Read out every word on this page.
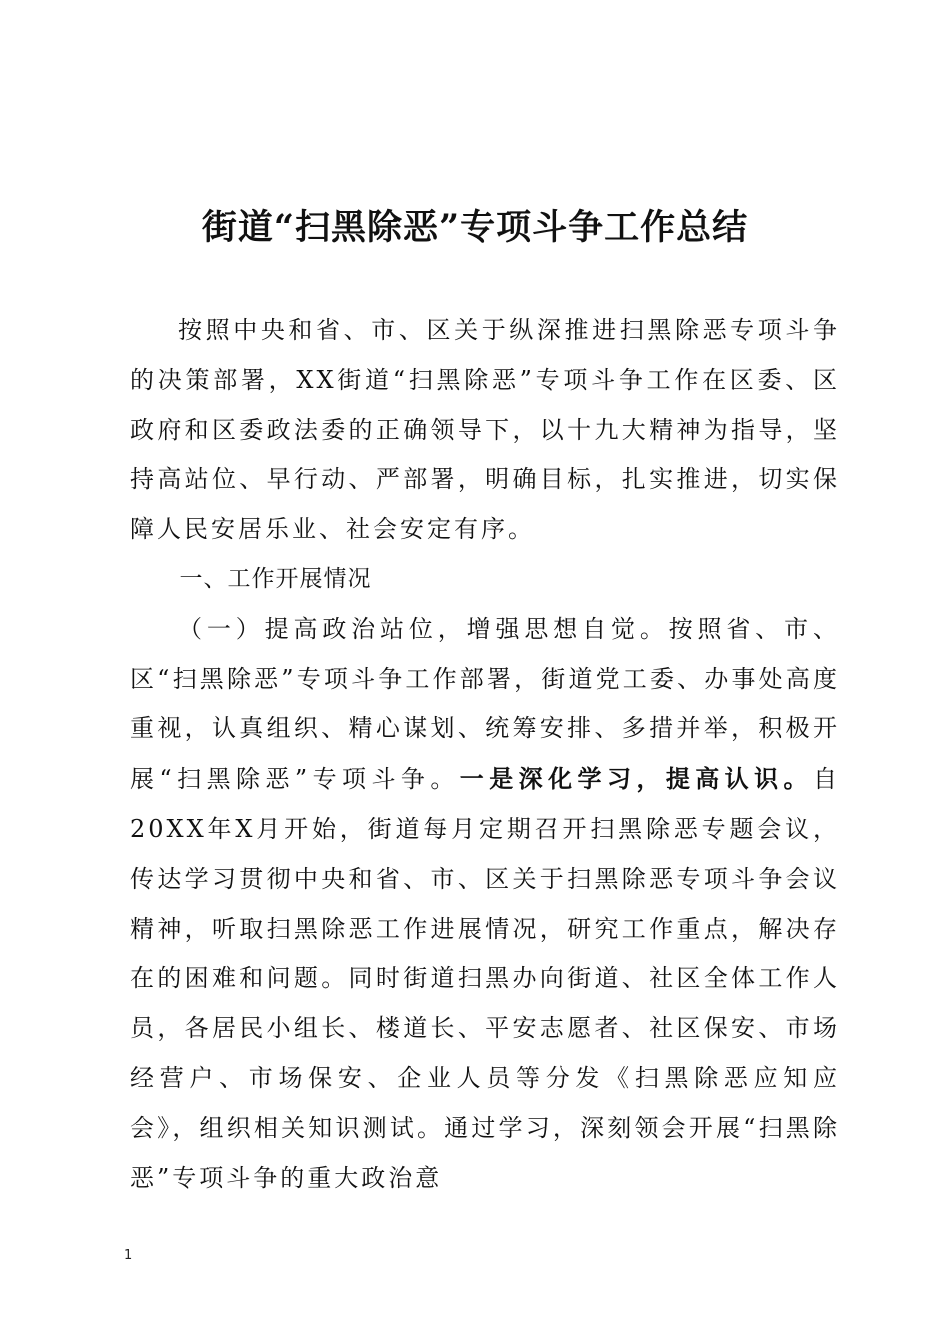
街道“扫黑除恶”专项斗争工作总结

按照中央和省、市、区关于纵深推进扫黑除恶专项斗争的决策部署，XX街道“扫黑除恶”专项斗争工作在区委、区政府和区委政法委的正确领导下，以十九大精神为指导，坚持高站位、早行动、严部署，明确目标，扎实推进，切实保障人民安居乐业、社会安定有序。

一、工作开展情况

（一）提高政治站位，增强思想自觉。按照省、市、区“扫黑除恶”专项斗争工作部署，街道党工委、办事处高度重视，认真组织、精心谋划、统筹安排、多措并举，积极开展“扫黑除恶”专项斗争。一是深化学习，提高认识。自20XX年X月开始，街道每月定期召开扫黑除恶专题会议，传达学习贯彻中央和省、市、区关于扫黑除恶专项斗争会议精神，听取扫黑除恶工作进展情况，研究工作重点，解决存在的困难和问题。同时街道扫黑办向街道、社区全体工作人员，各居民小组长、楼道长、平安志愿者、社区保安、市场经营户、市场保安、企业人员等分发《扫黑除恶应知应会》，组织相关知识测试。通过学习，深刻领会开展“扫黑除恶”专项斗争的重大政治意

1
